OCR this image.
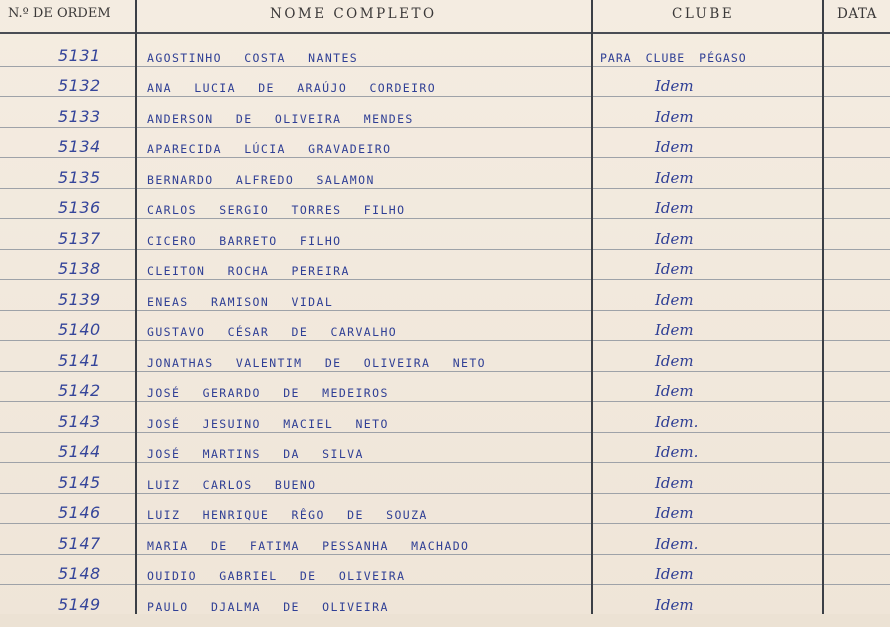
N.º DE ORDEM	NOME COMPLETO	CLUBE	DATA
5131	AGOSTINHO COSTA NANTES	PARA CLUBE PÉGASO
5132	ANA LUCIA DE ARAÚJO CORDEIRO	Idem
5133	ANDERSON DE OLIVEIRA MENDES	Idem
5134	APARECIDA LÚCIA GRAVADEIRO	Idem
5135	BERNARDO ALFREDO SALAMON	Idem
5136	CARLOS SERGIO TORRES FILHO	Idem
5137	CICERO BARRETO FILHO	Idem
5138	CLEITON ROCHA PEREIRA	Idem
5139	ENEAS RAMISON VIDAL	Idem
5140	GUSTAVO CÉSAR DE CARVALHO	Idem
5141	JONATHAS VALENTIM DE OLIVEIRA NETO	Idem
5142	JOSÉ GERARDO DE MEDEIROS	Idem
5143	JOSÉ JESUINO MACIEL NETO	Idem.
5144	JOSÉ MARTINS DA SILVA	Idem.
5145	LUIZ CARLOS BUENO	Idem
5146	LUIZ HENRIQUE RÊGO DE SOUZA	Idem
5147	MARIA DE FATIMA PESSANHA MACHADO	Idem.
5148	OUIDIO GABRIEL DE OLIVEIRA	Idem
5149	PAULO DJALMA DE OLIVEIRA	Idem
